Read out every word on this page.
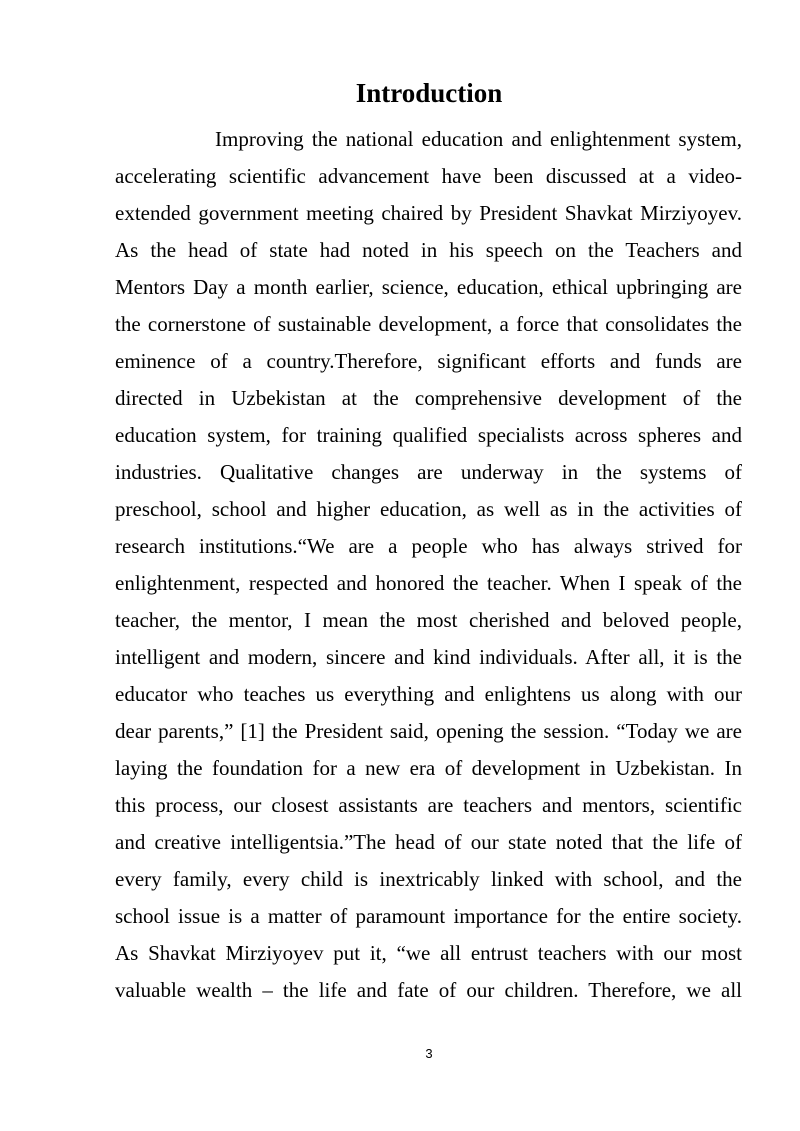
Introduction
Improving the national education and enlightenment system,
accelerating scientific advancement have been discussed at a video-
extended government meeting chaired by President Shavkat Mirziyoyev.
As the head of state had noted in his speech on the Teachers and
Mentors Day a month earlier, science, education, ethical upbringing are
the cornerstone of sustainable development, a force that consolidates the
eminence of a country.Therefore, significant efforts and funds are
directed in Uzbekistan at the comprehensive development of the
education system, for training qualified specialists across spheres and
industries. Qualitative changes are underway in the systems of
preschool, school and higher education, as well as in the activities of
research institutions.“We are a people who has always strived for
enlightenment, respected and honored the teacher. When I speak of the
teacher, the mentor, I mean the most cherished and beloved people,
intelligent and modern, sincere and kind individuals. After all, it is the
educator who teaches us everything and enlightens us along with our
dear parents,” [1] the President said, opening the session. “Today we are
laying the foundation for a new era of development in Uzbekistan. In
this process, our closest assistants are teachers and mentors, scientific
and creative intelligentsia.”The head of our state noted that the life of
every family, every child is inextricably linked with school, and the
school issue is a matter of paramount importance for the entire society.
As Shavkat Mirziyoyev put it, “we all entrust teachers with our most
valuable wealth – the life and fate of our children. Therefore, we all
3
